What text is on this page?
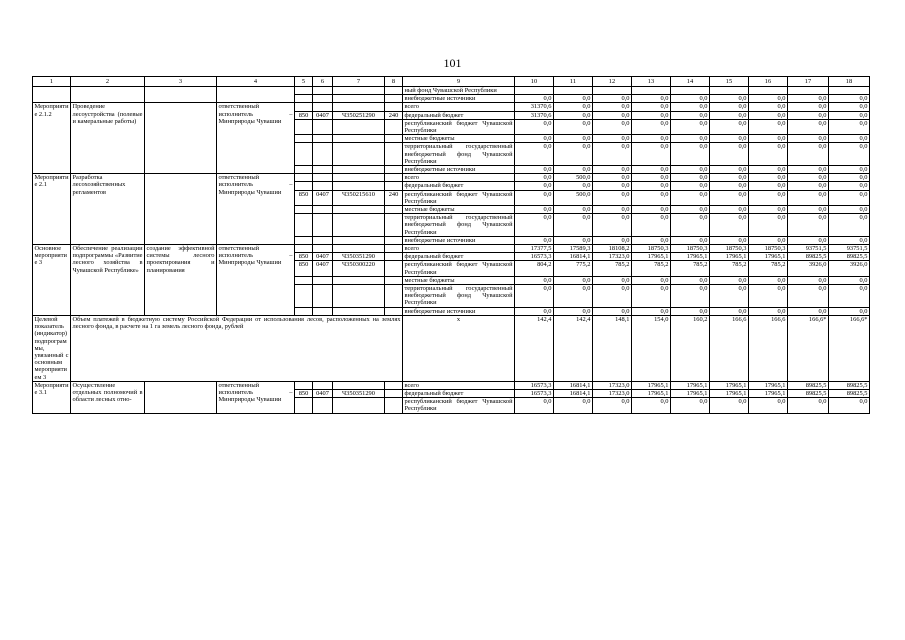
101
1	2	3	4	5	6	7	8	9	10	11	12	13	14	15	16	17	18
								ный фонд Чувашской Республики									
								внебюджетные источники	0,0	0,0	0,0	0,0	0,0	0,0	0,0	0,0	0,0
Мероприятие 2.1.2	Проведение лесоустройства (полевые и камеральные работы)		ответственный исполнитель – Минприроды Чувашии					всего	31370,6	0,0	0,0	0,0	0,0	0,0	0,0	0,0	0,0
				850	0407	Ч350251290	240	федеральный бюджет	31370,6	0,0	0,0	0,0	0,0	0,0	0,0	0,0	0,0
								республиканский бюджет Чувашской Республики	0,0	0,0	0,0	0,0	0,0	0,0	0,0	0,0	0,0
								местные бюджеты	0,0	0,0	0,0	0,0	0,0	0,0	0,0	0,0	0,0
								территориальный государственный внебюджетный фонд Чувашской Республики	0,0	0,0	0,0	0,0	0,0	0,0	0,0	0,0	0,0
								внебюджетные источники	0,0	0,0	0,0	0,0	0,0	0,0	0,0	0,0	0,0
Мероприятие 2.1	Разработка лесохозяйственных регламентов		ответственный исполнитель – Минприроды Чувашии					всего	0,0	500,0	0,0	0,0	0,0	0,0	0,0	0,0	0,0
								федеральный бюджет	0,0	0,0	0,0	0,0	0,0	0,0	0,0	0,0	0,0
				850	0407	Ч350215610	240	республиканский бюджет Чувашской Республики	0,0	500,0	0,0	0,0	0,0	0,0	0,0	0,0	0,0
								местные бюджеты	0,0	0,0	0,0	0,0	0,0	0,0	0,0	0,0	0,0
								территориальный государственный внебюджетный фонд Чувашской Республики	0,0	0,0	0,0	0,0	0,0	0,0	0,0	0,0	0,0
								внебюджетные источники	0,0	0,0	0,0	0,0	0,0	0,0	0,0	0,0	0,0
Основное мероприятие 3	Обеспечение реализации подпрограммы «Развитие лесного хозяйства в Чувашской Республике»	создание эффективной системы лесного проектирования и планирования	ответственный исполнитель – Минприроды Чувашии					всего	17377,5	17589,3	18108,2	18750,3	18750,3	18750,3	18750,3	93751,5	93751,5
				850	0407	Ч350351290		федеральный бюджет	16573,3	16814,1	17323,0	17965,1	17965,1	17965,1	17965,1	89825,5	89825,5
				850	0407	Ч350300220		республиканский бюджет Чувашской Республики	804,2	775,2	785,2	785,2	785,2	785,2	785,2	3926,0	3926,0
								местные бюджеты	0,0	0,0	0,0	0,0	0,0	0,0	0,0	0,0	0,0
								территориальный государственный внебюджетный фонд Чувашской Республики	0,0	0,0	0,0	0,0	0,0	0,0	0,0	0,0	0,0
								внебюджетные источники	0,0	0,0	0,0	0,0	0,0	0,0	0,0	0,0	0,0
Целевой показатель (индикатор) подпрограммы, увязанный с основным мероприятием 3	Объем платежей в бюджетную систему Российской Федерации от использования лесов, расположенных на землях лесного фонда, в расчете на 1 га земель лесного фонда, рублей							x	142,4	142,4	148,1	154,0	160,2	166,6	166,6	166,6*	166,6*
Мероприятие 3.1	Осуществление отдельных полномочий в области лесных отно-		ответственный исполнитель – Минприроды Чувашии					всего	16573,3	16814,1	17323,0	17965,1	17965,1	17965,1	17965,1	89825,5	89825,5
				850	0407	Ч350351290		федеральный бюджет	16573,3	16814,1	17323,0	17965,1	17965,1	17965,1	17965,1	89825,5	89825,5
								республиканский бюджет Чувашской Республики	0,0	0,0	0,0	0,0	0,0	0,0	0,0	0,0	0,0
